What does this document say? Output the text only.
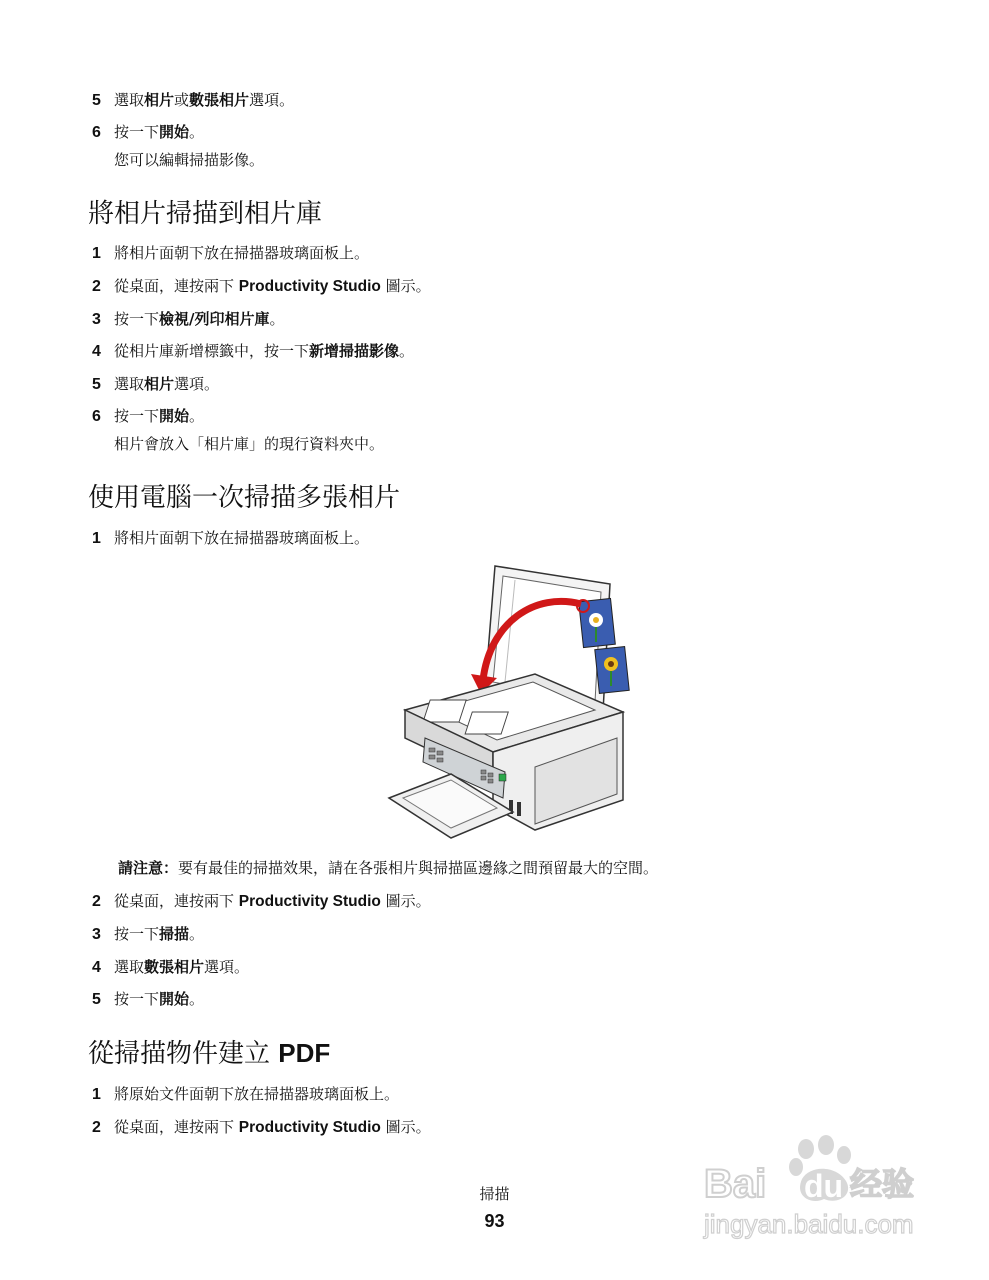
5 選取相片或數張相片選項。
6 按一下開始。
您可以編輯掃描影像。
將相片掃描到相片庫
1 將相片面朝下放在掃描器玻璃面板上。
2 從桌面，連按兩下 Productivity Studio 圖示。
3 按一下檢視/列印相片庫。
4 從相片庫新增標籤中，按一下新增掃描影像。
5 選取相片選項。
6 按一下開始。
相片會放入「相片庫」的現行資料夾中。
使用電腦一次掃描多張相片
1 將相片面朝下放在掃描器玻璃面板上。
請注意：要有最佳的掃描效果，請在各張相片與掃描區邊緣之間預留最大的空間。
2 從桌面，連按兩下 Productivity Studio 圖示。
3 按一下掃描。
4 選取數張相片選項。
5 按一下開始。
從掃描物件建立 PDF
1 將原始文件面朝下放在掃描器玻璃面板上。
2 從桌面，連按兩下 Productivity Studio 圖示。
掃描
93
Bai du 经验
jingyan.baidu.com
